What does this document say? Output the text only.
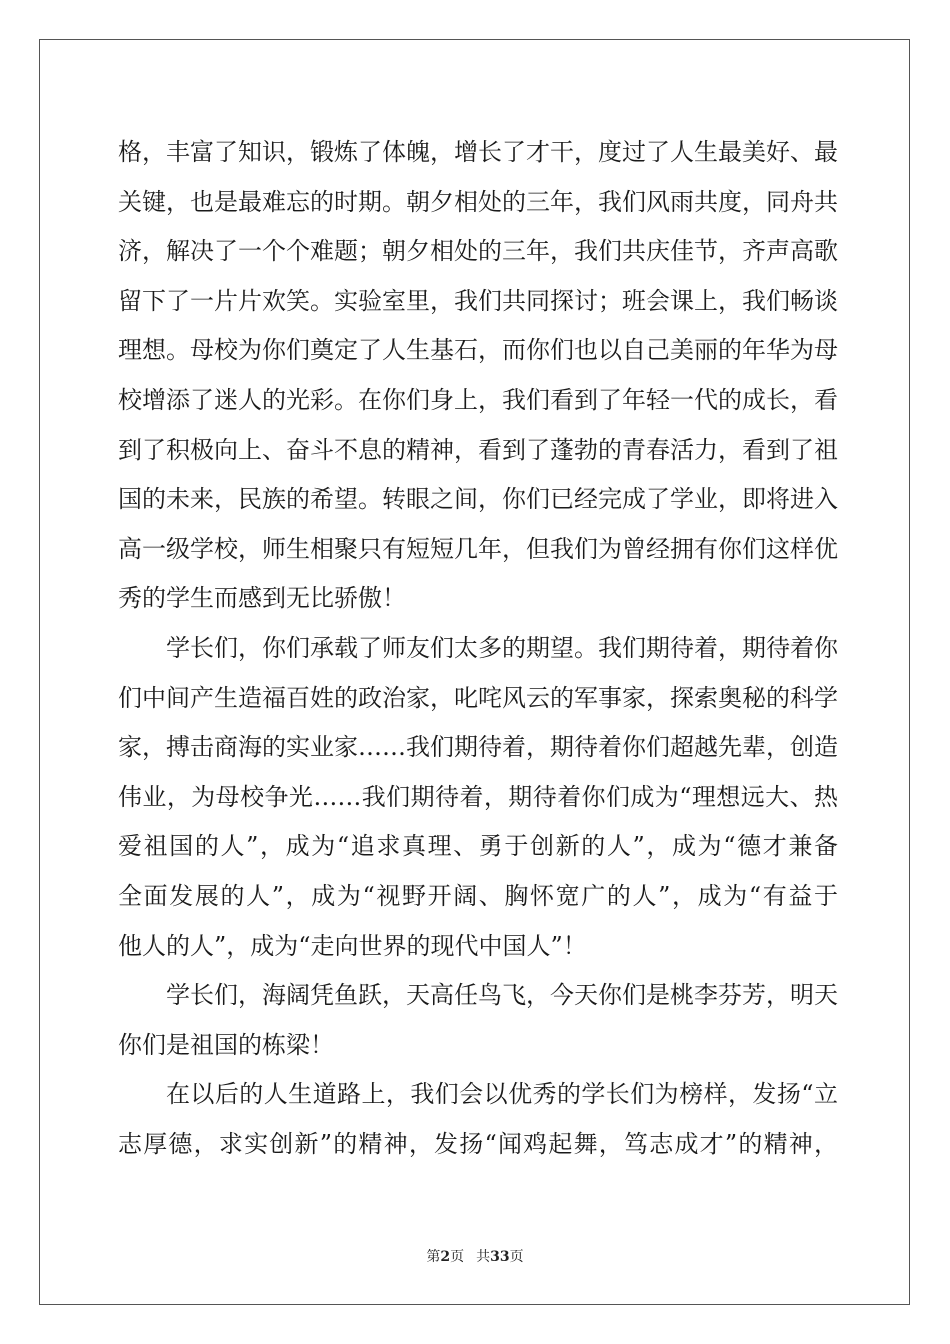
格，丰富了知识，锻炼了体魄，增长了才干，度过了人生最美好、最
关键，也是最难忘的时期。朝夕相处的三年，我们风雨共度，同舟共
济，解决了一个个难题；朝夕相处的三年，我们共庆佳节，齐声高歌
留下了一片片欢笑。实验室里，我们共同探讨；班会课上，我们畅谈
理想。母校为你们奠定了人生基石，而你们也以自己美丽的年华为母
校增添了迷人的光彩。在你们身上，我们看到了年轻一代的成长，看
到了积极向上、奋斗不息的精神，看到了蓬勃的青春活力，看到了祖
国的未来，民族的希望。转眼之间，你们已经完成了学业，即将进入
高一级学校，师生相聚只有短短几年，但我们为曾经拥有你们这样优
秀的学生而感到无比骄傲！
学长们，你们承载了师友们太多的期望。我们期待着，期待着你
们中间产生造福百姓的政治家，叱咤风云的军事家，探索奥秘的科学
家，搏击商海的实业家……我们期待着，期待着你们超越先辈，创造
伟业，为母校争光……我们期待着，期待着你们成为“理想远大、热
爱祖国的人”，成为“追求真理、勇于创新的人”，成为“德才兼备
全面发展的人”，成为“视野开阔、胸怀宽广的人”，成为“有益于
他人的人”，成为“走向世界的现代中国人”！
学长们，海阔凭鱼跃，天高任鸟飞，今天你们是桃李芬芳，明天
你们是祖国的栋梁！
在以后的人生道路上，我们会以优秀的学长们为榜样，发扬“立
志厚德，求实创新”的精神，发扬“闻鸡起舞，笃志成才”的精神，
第2页 共33页
